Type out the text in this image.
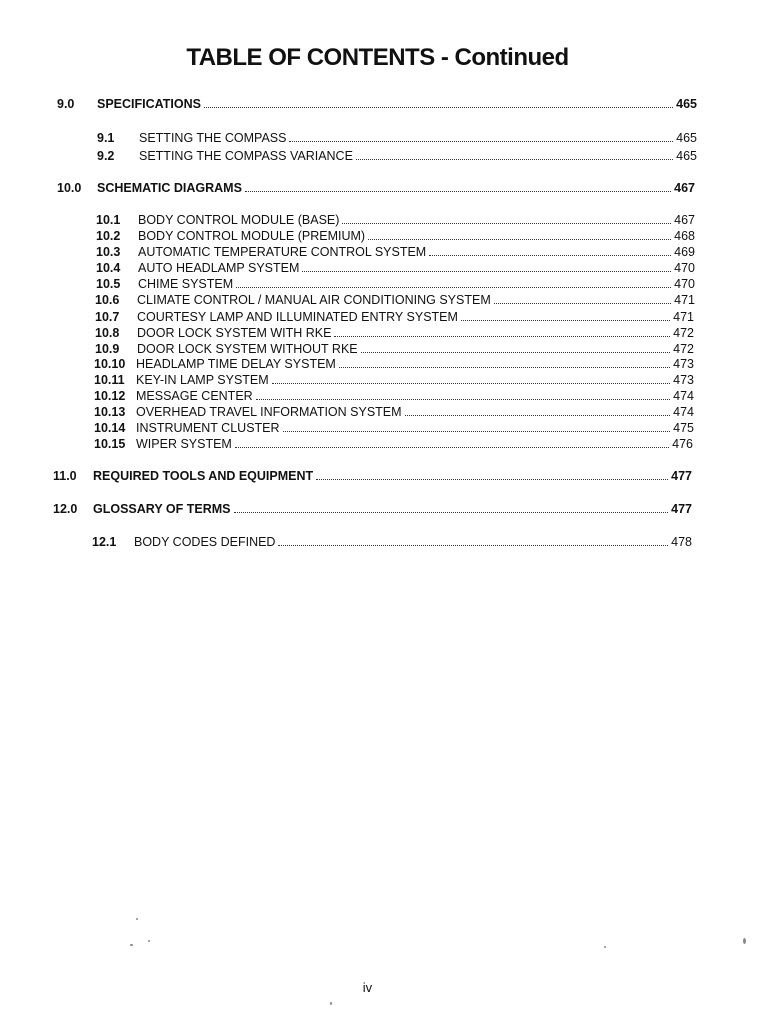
TABLE OF CONTENTS - Continued
9.0	SPECIFICATIONS	465
9.1	SETTING THE COMPASS	465
9.2	SETTING THE COMPASS VARIANCE	465
10.0	SCHEMATIC DIAGRAMS	467
10.1	BODY CONTROL MODULE (BASE)	467
10.2	BODY CONTROL MODULE (PREMIUM)	468
10.3	AUTOMATIC TEMPERATURE CONTROL SYSTEM	469
10.4	AUTO HEADLAMP SYSTEM	470
10.5	CHIME SYSTEM	470
10.6	CLIMATE CONTROL / MANUAL AIR CONDITIONING SYSTEM	471
10.7	COURTESY LAMP AND ILLUMINATED ENTRY SYSTEM	471
10.8	DOOR LOCK SYSTEM WITH RKE	472
10.9	DOOR LOCK SYSTEM WITHOUT RKE	472
10.10 HEADLAMP TIME DELAY SYSTEM	473
10.11 KEY-IN LAMP SYSTEM	473
10.12 MESSAGE CENTER	474
10.13 OVERHEAD TRAVEL INFORMATION SYSTEM	474
10.14 INSTRUMENT CLUSTER	475
10.15 WIPER SYSTEM	476
11.0	REQUIRED TOOLS AND EQUIPMENT	477
12.0	GLOSSARY OF TERMS	477
12.1	BODY CODES DEFINED	478
iv
